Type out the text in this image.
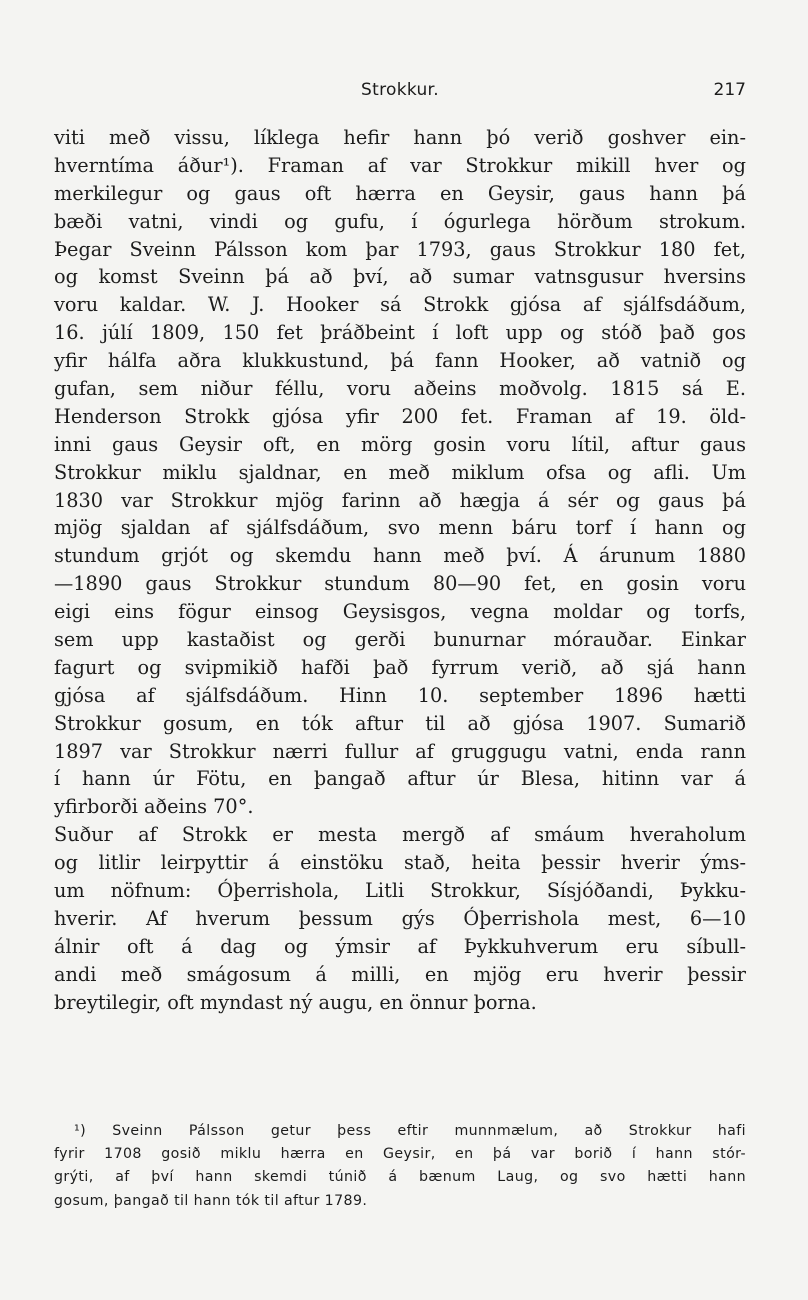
Strokkur.	217
viti með vissu, líklega hefir hann þó verið goshver ein-
hverntíma áður¹). Framan af var Strokkur mikill hver og
merkilegur og gaus oft hærra en Geysir, gaus hann þá
bæði vatni, vindi og gufu, í ógurlega hörðum strokum.
Þegar Sveinn Pálsson kom þar 1793, gaus Strokkur 180 fet,
og komst Sveinn þá að því, að sumar vatnsgusur hversins
voru kaldar. W. J. Hooker sá Strokk gjósa af sjálfsdáðum,
16. júlí 1809, 150 fet þráðbeint í loft upp og stóð það gos
yfir hálfa aðra klukkustund, þá fann Hooker, að vatnið og
gufan, sem niður féllu, voru aðeins moðvolg. 1815 sá E.
Henderson Strokk gjósa yfir 200 fet. Framan af 19. öld-
inni gaus Geysir oft, en mörg gosin voru lítil, aftur gaus
Strokkur miklu sjaldnar, en með miklum ofsa og afli. Um
1830 var Strokkur mjög farinn að hægja á sér og gaus þá
mjög sjaldan af sjálfsdáðum, svo menn báru torf í hann og
stundum grjót og skemdu hann með því. Á árunum 1880
—1890 gaus Strokkur stundum 80—90 fet, en gosin voru
eigi eins fögur einsog Geysisgos, vegna moldar og torfs,
sem upp kastaðist og gerði bunurnar mórauðar. Einkar
fagurt og svipmikið hafði það fyrrum verið, að sjá hann
gjósa af sjálfsdáðum. Hinn 10. september 1896 hætti
Strokkur gosum, en tók aftur til að gjósa 1907. Sumarið
1897 var Strokkur nærri fullur af gruggugu vatni, enda rann
í hann úr Fötu, en þangað aftur úr Blesa, hitinn var á
yfirborði aðeins 70°.
Suður af Strokk er mesta mergð af smáum hveraholum
og litlir leirpyttir á einstöku stað, heita þessir hverir ýms-
um nöfnum: Óþerrishola, Litli Strokkur, Sísjóðandi, Þykku-
hverir. Af hverum þessum gýs Óþerrishola mest, 6—10
álnir oft á dag og ýmsir af Þykkuhverum eru síbull-
andi með smágosum á milli, en mjög eru hverir þessir
breytilegir, oft myndast ný augu, en önnur þorna.
¹) Sveinn Pálsson getur þess eftir munnmælum, að Strokkur hafi
fyrir 1708 gosið miklu hærra en Geysir, en þá var borið í hann stór-
grýti, af því hann skemdi túnið á bænum Laug, og svo hætti hann
gosum, þangað til hann tók til aftur 1789.
